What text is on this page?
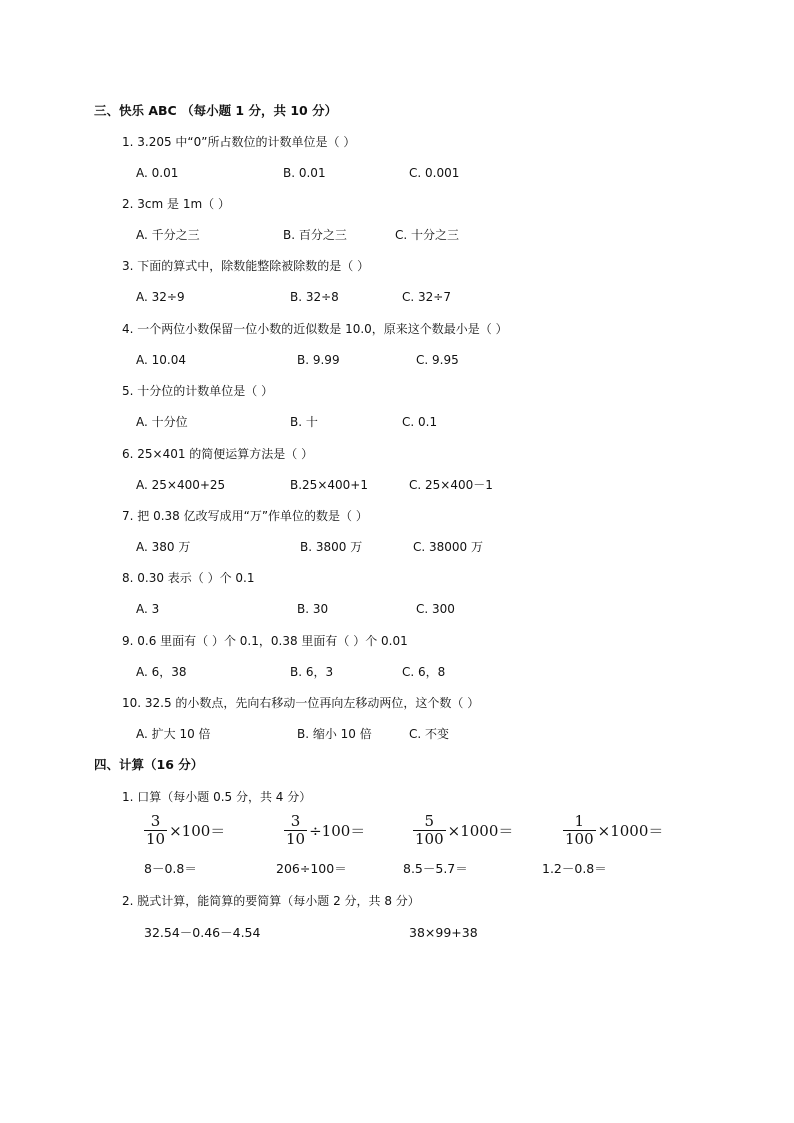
三、快乐 ABC （每小题 1 分，共 10 分）
1. 3.205 中“0”所占数位的计数单位是（ ）
A. 0.01	B. 0.01	C. 0.001
2. 3cm 是 1m（ ）
A. 千分之三	B. 百分之三	C. 十分之三
3. 下面的算式中，除数能整除被除数的是（ ）
A. 32÷9	B. 32÷8	C. 32÷7
4. 一个两位小数保留一位小数的近似数是 10.0，原来这个数最小是（ ）
A. 10.04	B. 9.99	C. 9.95
5. 十分位的计数单位是（ ）
A. 十分位	B. 十	C. 0.1
6. 25×401 的简便运算方法是（ ）
A. 25×400+25	B.25×400+1	C. 25×400－1
7. 把 0.38 亿改写成用“万”作单位的数是（ ）
A. 380 万	B. 3800 万	C. 38000 万
8. 0.30 表示（ ）个 0.1
A. 3	B. 30	C. 300
9. 0.6 里面有（ ）个 0.1，0.38 里面有（ ）个 0.01
A. 6，38	B. 6，3	C. 6，8
10. 32.5 的小数点，先向右移动一位再向左移动两位，这个数（ ）
A. 扩大 10 倍	B. 缩小 10 倍	C. 不变
四、计算（16 分）
1. 口算（每小题 0.5 分，共 4 分）
$\frac{3}{10} \times 100=$	$\frac{3}{10} \div 100=$	$\frac{5}{100} \times 1000=$	$\frac{1}{100} \times 1000=$
8－0.8＝	206÷100＝	8.5－5.7＝	1.2－0.8＝
2. 脱式计算，能简算的要简算（每小题 2 分，共 8 分）
32.54－0.46－4.54	38×99+38
